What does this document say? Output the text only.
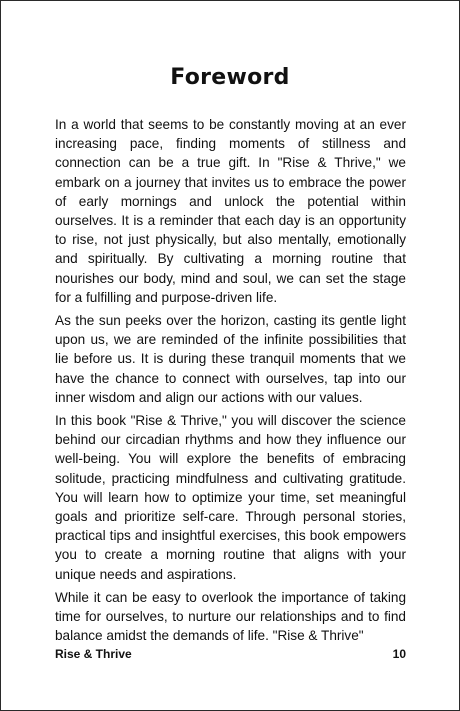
Foreword

In a world that seems to be constantly moving at an ever increasing pace, finding moments of stillness and connection can be a true gift. In "Rise & Thrive," we embark on a journey that invites us to embrace the power of early mornings and unlock the potential within ourselves. It is a reminder that each day is an opportunity to rise, not just physically, but also mentally, emotionally and spiritually. By cultivating a morning routine that nourishes our body, mind and soul, we can set the stage for a fulfilling and purpose-driven life.

As the sun peeks over the horizon, casting its gentle light upon us, we are reminded of the infinite possibilities that lie before us. It is during these tranquil moments that we have the chance to connect with ourselves, tap into our inner wisdom and align our actions with our values.

In this book "Rise & Thrive," you will discover the science behind our circadian rhythms and how they influence our well-being. You will explore the benefits of embracing solitude, practicing mindfulness and cultivating gratitude. You will learn how to optimize your time, set meaningful goals and prioritize self-care. Through personal stories, practical tips and insightful exercises, this book empowers you to create a morning routine that aligns with your unique needs and aspirations.

While it can be easy to overlook the importance of taking time for ourselves, to nurture our relationships and to find balance amidst the demands of life. "Rise & Thrive"

Rise & Thrive	10
